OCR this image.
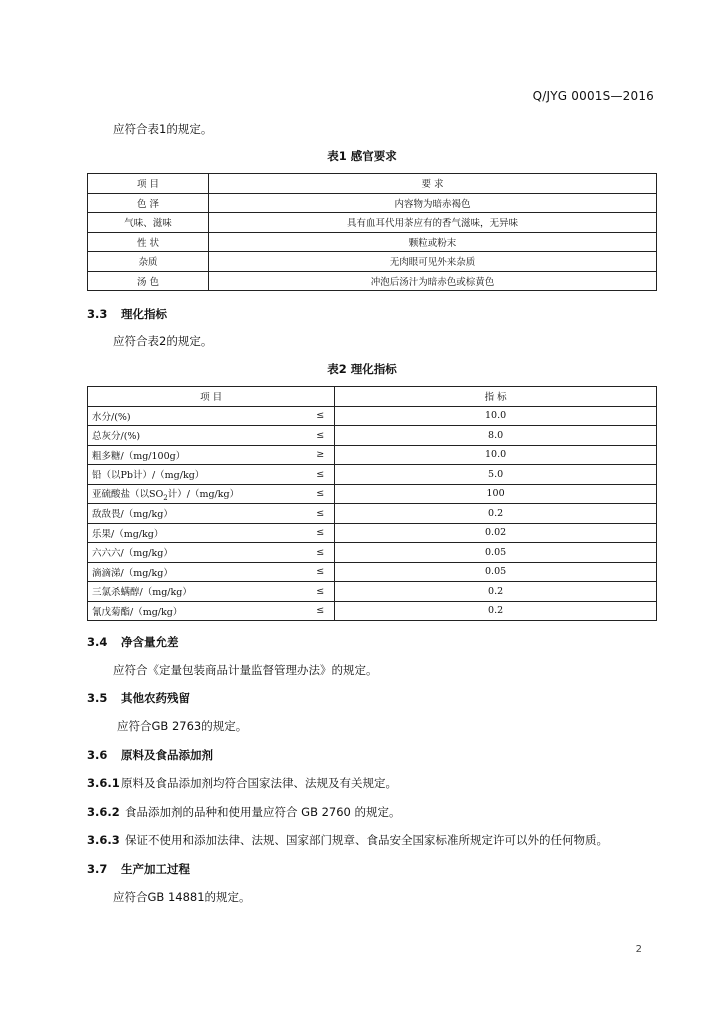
Q/JYG 0001S—2016
应符合表1的规定。
表1 感官要求
项 目	要 求
色 泽	内容物为暗赤褐色
气味、滋味	具有血耳代用茶应有的香气滋味，无异味
性 状	颗粒或粉末
杂质	无肉眼可见外来杂质
汤 色	冲泡后汤汁为暗赤色或棕黄色
3.3 理化指标
应符合表2的规定。
表2 理化指标
项 目		指 标
水分/(%)	≤	10.0
总灰分/(%)	≤	8.0
粗多糖/（mg/100g）	≥	10.0
铅（以Pb计）/（mg/kg）	≤	5.0
亚硫酸盐（以$SO_2$计）/（mg/kg）	≤	100
敌敌畏/（mg/kg）	≤	0.2
乐果/（mg/kg）	≤	0.02
六六六/（mg/kg）	≤	0.05
滴滴涕/（mg/kg）	≤	0.05
三氯杀螨醇/（mg/kg）	≤	0.2
氰戊菊酯/（mg/kg）	≤	0.2
3.4 净含量允差
应符合《定量包装商品计量监督管理办法》的规定。
3.5 其他农药残留
应符合GB 2763的规定。
3.6 原料及食品添加剂
3.6.1原料及食品添加剂均符合国家法律、法规及有关规定。
3.6.2 食品添加剂的品种和使用量应符合 GB 2760 的规定。
3.6.3 保证不使用和添加法律、法规、国家部门规章、食品安全国家标准所规定许可以外的任何物质。
3.7 生产加工过程
应符合GB 14881的规定。
2
